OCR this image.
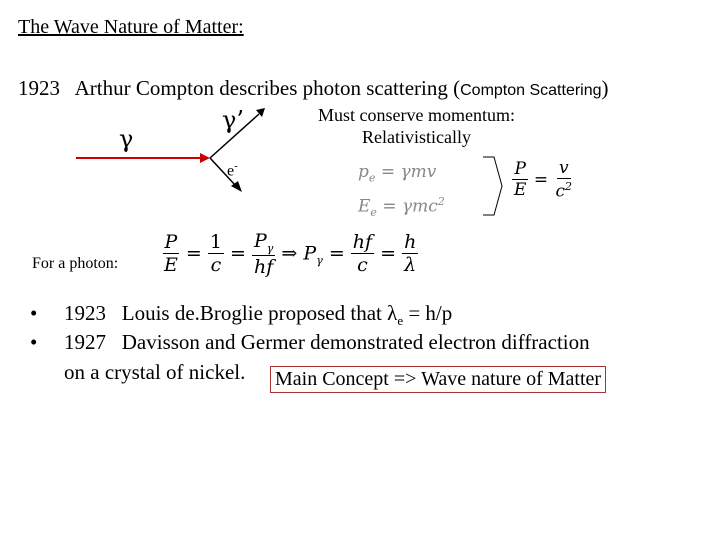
The Wave Nature of Matter:
1923 Arthur Compton describes photon scattering (Compton Scattering)
γ
γ’
e-
Must conserve momentum:
Relativistically
$p_e = \gamma mv$
$E_e = \gamma mc^2$
$\frac{P}{E} = \frac{v}{c^2}$
For a photon: $\frac{P}{E} = \frac{1}{c} = \frac{P_\gamma}{hf}$ ⇒ $P_\gamma = \frac{hf}{c} = \frac{h}{\lambda}$
• 1923 Louis de.Broglie proposed that $\lambda_e = h/p$
• 1927 Davisson and Germer demonstrated electron diffraction
on a crystal of nickel. Main Concept => Wave nature of Matter
